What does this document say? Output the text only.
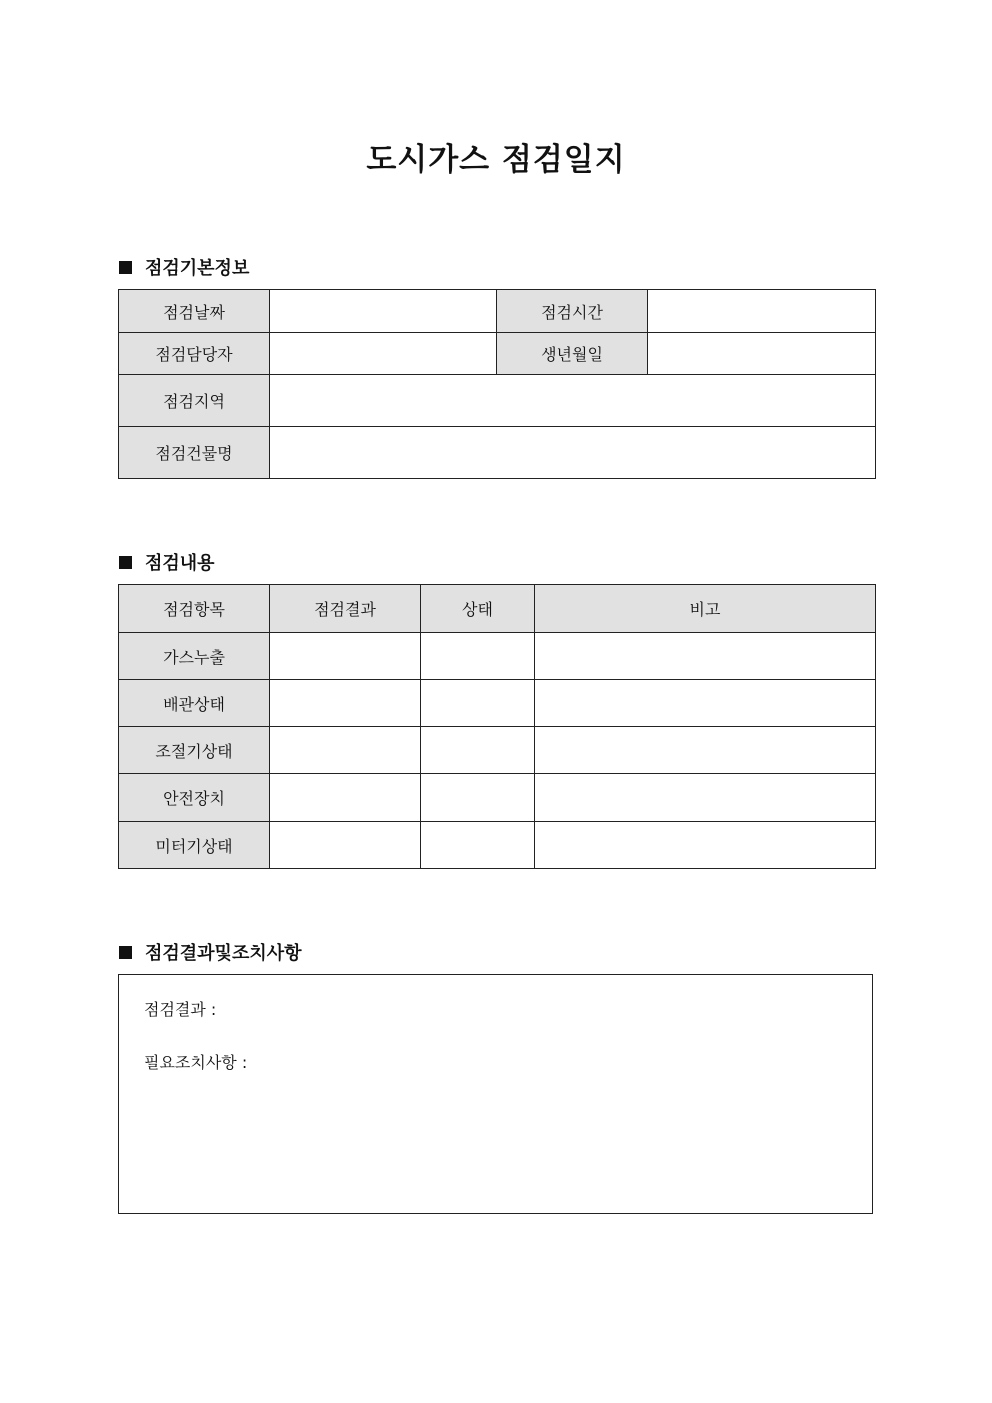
도시가스 점검일지
점검기본정보
점검날짜		점검시간	
점검담당자		생년월일	
점검지역			
점검건물명			
점검내용
점검항목	점검결과	상태	비고
가스누출			
배관상태			
조절기상태			
안전장치			
미터기상태			
점검결과및조치사항
점검결과 :
필요조치사항 :
